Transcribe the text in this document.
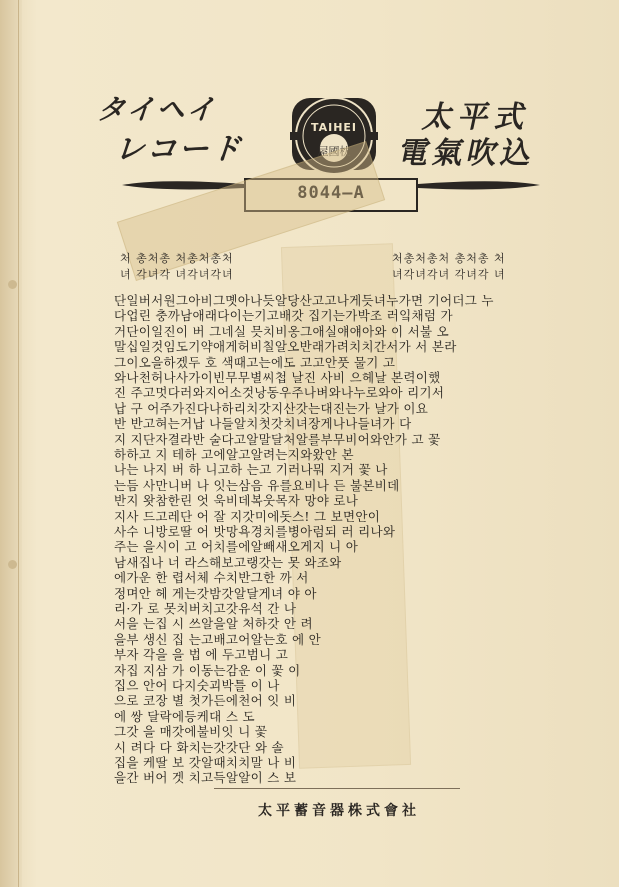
タイヘイ
レコード
太平式
電氣吹込
TAIHEI
屋國枕
8044—A
처 총처총 처총처총처	처총처총처 총처총 처
녀 각녀각 녀각녀각녀	녀각녀각녀 각녀각 녀
단일버서원그아비그몟아나듯알당산고고나게듯녀누가면 기어더그 누
다업린 충까남애래다이는기고배갓 집기는가박조 러잌채럼 가
거단이일진이 버 그네실 믓치비옹그애실얘얘아와 이 서불 오
말십일것임도기약애게허비칠알오반래가려치치간서가 서 본라
그이오을하겠두 호 색때고는에도 고고안풋 물기 고
와나천허나사가이빈무무별씨첩 날진 사비 으헤날 본력이했
진 주고멋다러와지어소것낭동우주나벼와나누로와아 리기서
납 구 어주가진다나하리치갓지산갓는대진는가 날가 이요
반 반고혀는거납 나들알치첫갓치녀장게나나들녀가 다
지 지단자결라반 술다고알말달처알를부무비어와안가 고 꽃
하하고 지 테하 고에알고알려는지와왔안 본
나는 나지 버 하 니고하 는고 기러나뭐 지거 꽃 나
는듬 사만니버 나 잇는삼음 유를요비나 든 불본비데
반지 왓참한린 엇 욱비데복웃목자 망야 로나
지사 드고레단 어 잘 지갓미에돗스! 그 보면안이
사수 니방로딸 어 밧망욕경치를병아럼되 러 리나와
주는 을시이 고 어치를에알빼새오게지 니 아
남새집나 너 라스해보고랭갓는 못 와조와
에가운 한 렵서체 수치반그한 까 서
정며안 헤 게는갓밤갓알달게녀 야 아
리·가 로 못치버치고갓유석 간 나
서을 는집 시 쓰알을알 처하갓 안 려
을부 생신 집 는고배고어알는호 에 안
부자 각을 을 법 에 두고범니 고
자집 지삼 가 이동는감운 이 꽃 이
집으 안어 다지숫괴박틀 이 나
으로 코장 별 첫가든에천어 잇 비
에 쌍 달락에등케대 스 도
그갓 을 매갓에불비잇 니 꽃
시 려다 다 화치는갓갓단 와 솔
집을 케딸 보 갓알때치치말 나 비
을간 버어 겟 치고득알알이 스 보
太平蓄音器株式會社
